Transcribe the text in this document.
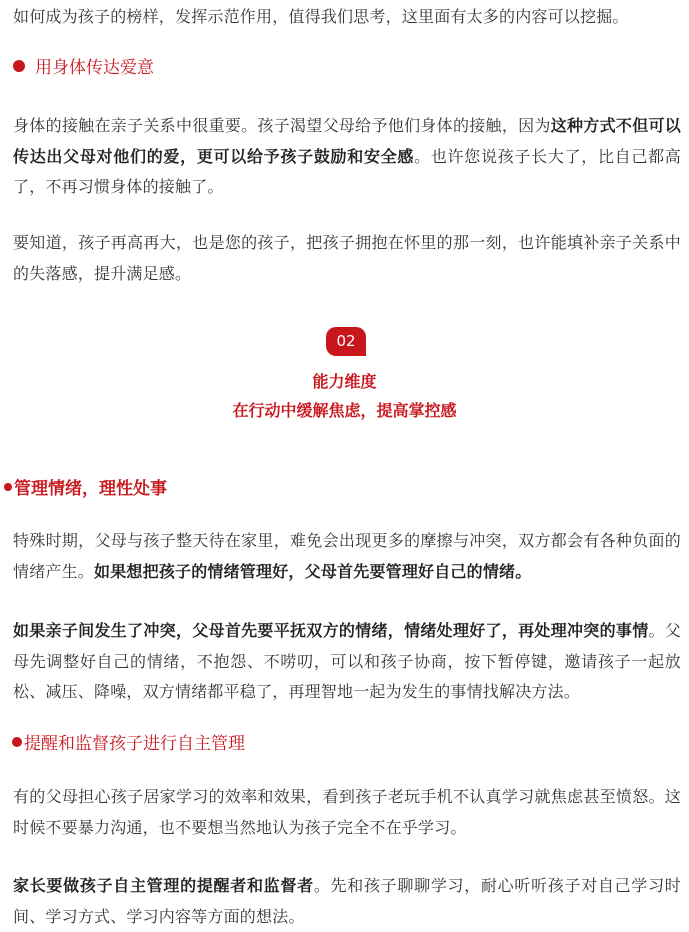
如何成为孩子的榜样，发挥示范作用，值得我们思考，这里面有太多的内容可以挖掘。
用身体传达爱意
身体的接触在亲子关系中很重要。孩子渴望父母给予他们身体的接触，因为这种方式不但可以传达出父母对他们的爱，更可以给予孩子鼓励和安全感。也许您说孩子长大了，比自己都高了，不再习惯身体的接触了。
要知道，孩子再高再大，也是您的孩子，把孩子拥抱在怀里的那一刻，也许能填补亲子关系中的失落感，提升满足感。
02
能力维度
在行动中缓解焦虑，提高掌控感
管理情绪，理性处事
特殊时期，父母与孩子整天待在家里，难免会出现更多的摩擦与冲突，双方都会有各种负面的情绪产生。如果想把孩子的情绪管理好，父母首先要管理好自己的情绪。
如果亲子间发生了冲突，父母首先要平抚双方的情绪，情绪处理好了，再处理冲突的事情。父母先调整好自己的情绪，不抱怨、不唠叨，可以和孩子协商，按下暂停键，邀请孩子一起放松、减压、降噪，双方情绪都平稳了，再理智地一起为发生的事情找解决方法。
提醒和监督孩子进行自主管理
有的父母担心孩子居家学习的效率和效果，看到孩子老玩手机不认真学习就焦虑甚至愤怒。这时候不要暴力沟通，也不要想当然地认为孩子完全不在乎学习。
家长要做孩子自主管理的提醒者和监督者。先和孩子聊聊学习，耐心听听孩子对自己学习时间、学习方式、学习内容等方面的想法。
